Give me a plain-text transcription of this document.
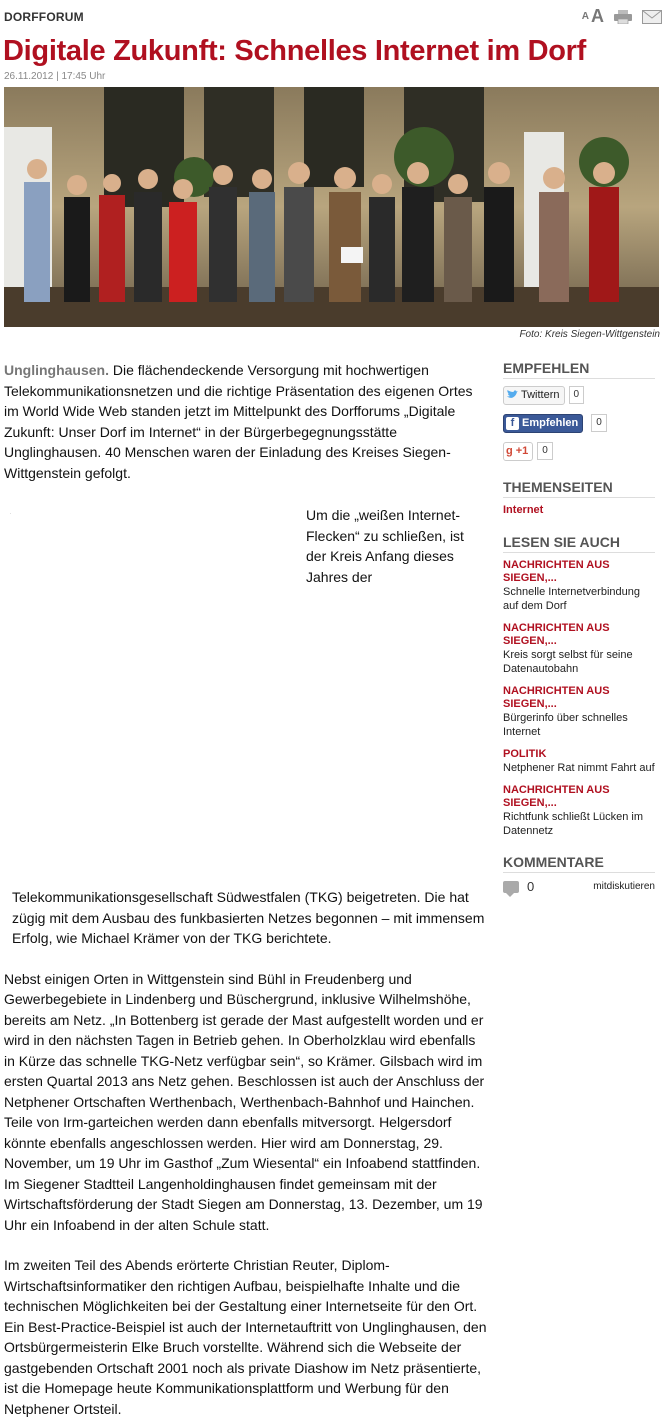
DORFFORUM	A A
Digitale Zukunft: Schnelles Internet im Dorf
26.11.2012 | 17:45 Uhr
Foto: Kreis Siegen-Wittgenstein

Unglinghausen. Die flächendeckende Versorgung mit hochwertigen Telekommunikationsnetzen und die richtige Präsentation des eigenen Ortes im World Wide Web standen jetzt im Mittelpunkt des Dorfforums „Digitale Zukunft: Unser Dorf im Internet“ in der Bürgerbegegnungsstätte Unglinghausen. 40 Menschen waren der Einladung des Kreises Siegen-Wittgenstein gefolgt.

.	Um die „weißen Internet-Flecken“ zu schließen, ist der Kreis Anfang dieses Jahres der Telekommunikationsgesellschaft Südwestfalen (TKG) beigetreten. Die hat zügig mit dem Ausbau des funkbasierten Netzes begonnen – mit immensem Erfolg, wie Michael Krämer von der TKG berichtete.

Nebst einigen Orten in Wittgenstein sind Bühl in Freudenberg und Gewerbegebiete in Lindenberg und Büschergrund, inklusive Wilhelmshöhe, bereits am Netz. „In Bottenberg ist gerade der Mast aufgestellt worden und er wird in den nächsten Tagen in Betrieb gehen. In Oberholzklau wird ebenfalls in Kürze das schnelle TKG-Netz verfügbar sein“, so Krämer. Gilsbach wird im ersten Quartal 2013 ans Netz gehen. Beschlossen ist auch der Anschluss der Netphener Ortschaften Werthenbach, Werthenbach-Bahnhof und Hainchen. Teile von Irm-garteichen werden dann ebenfalls mitversorgt. Helgersdorf könnte ebenfalls angeschlossen werden. Hier wird am Donnerstag, 29. November, um 19 Uhr im Gasthof „Zum Wiesental“ ein Infoabend stattfinden. Im Siegener Stadtteil Langenholdinghausen findet gemeinsam mit der Wirtschaftsförderung der Stadt Siegen am Donnerstag, 13. Dezember, um 19 Uhr ein Infoabend in der alten Schule statt.

Im zweiten Teil des Abends erörterte Christian Reuter, Diplom-Wirtschaftsinformatiker den richtigen Aufbau, beispielhafte Inhalte und die technischen Möglichkeiten bei der Gestaltung einer Internetseite für den Ort. Ein Best-Practice-Beispiel ist auch der Internetauftritt von Unglinghausen, den Ortsbürgermeisterin Elke Bruch vorstellte. Während sich die Webseite der gastgebenden Ortschaft 2001 noch als private Diashow im Netz präsentierte, ist die Homepage heute Kommunikationsplattform und Werbung für den Netphener Ortsteil.

EMPFEHLEN
Twittern	0
f Empfehlen	0
g +1	0
THEMENSEITEN
Internet
LESEN SIE AUCH
NACHRICHTEN AUS SIEGEN,...
Schnelle Internetverbindung auf dem Dorf
NACHRICHTEN AUS SIEGEN,...
Kreis sorgt selbst für seine Datenautobahn
NACHRICHTEN AUS SIEGEN,...
Bürgerinfo über schnelles Internet
POLITIK
Netphener Rat nimmt Fahrt auf
NACHRICHTEN AUS SIEGEN,...
Richtfunk schließt Lücken im Datennetz
KOMMENTARE
0	mitdiskutieren
